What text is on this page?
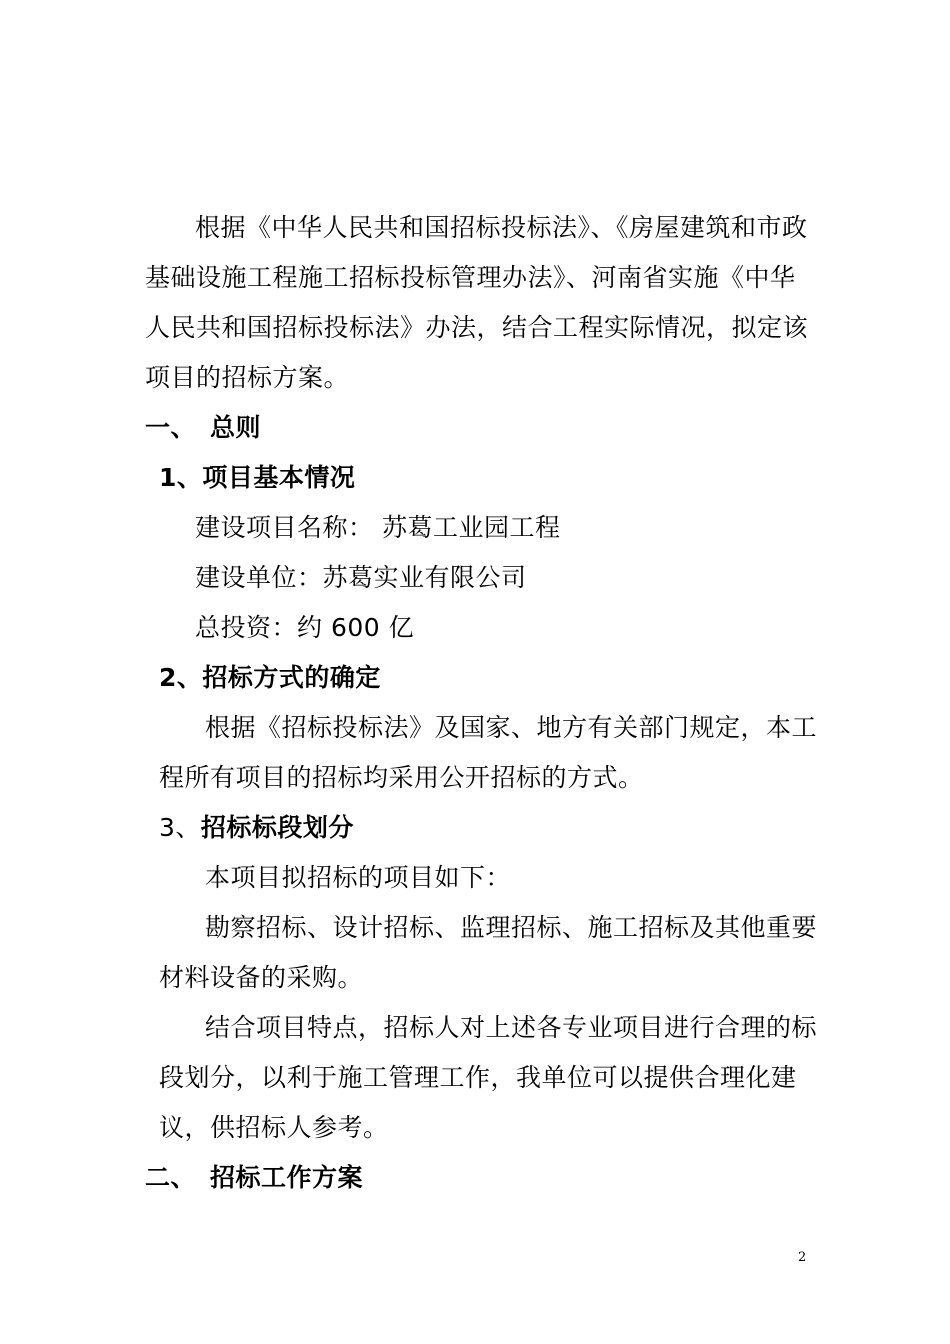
根据《中华人民共和国招标投标法》、《房屋建筑和市政
基础设施工程施工招标投标管理办法》、河南省实施《中华
人民共和国招标投标法》办法，结合工程实际情况，拟定该
项目的招标方案。
一、 总则
1、项目基本情况
建设项目名称： 苏葛工业园工程
建设单位：苏葛实业有限公司
总投资：约 600 亿
2、招标方式的确定
根据《招标投标法》及国家、地方有关部门规定，本工
程所有项目的招标均采用公开招标的方式。
3、招标标段划分
本项目拟招标的项目如下：
勘察招标、设计招标、监理招标、施工招标及其他重要
材料设备的采购。
结合项目特点，招标人对上述各专业项目进行合理的标
段划分，以利于施工管理工作，我单位可以提供合理化建
议，供招标人参考。
二、 招标工作方案
2
